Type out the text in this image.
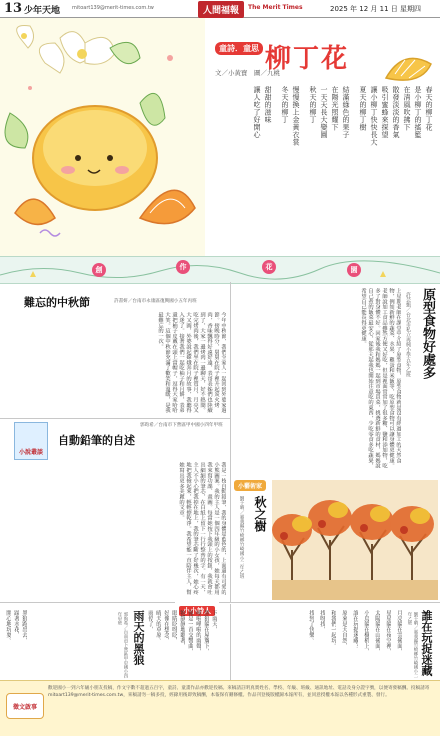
13 少年天地 mitoart139@merit-times.com.tw	人間福報	The Merit Times	2025 年 12 月 11 日 星期四
童詩．童思 柳丁花
文／小黃寶　圖／九桃
春天的柳丁花
是小柳丁的搖籃
在清風吹拂下
散發淡淡的香氣
吸引蜜蜂來探望
讓小柳丁快快長大
夏天的柳丁樹
結滿綠色的果子
在陽光照耀下
一天天長大變圓
秋天的柳丁
慢慢換上金黃衣裳
冬天的柳丁
甜甜的滋味
讓人吃了好開心
創	作	花	園
原型食物好處多
許芸甄／台北市私立再興小學五年乙班
上星期老師在課堂中介紹了原型食物，原型食物就是沒有經過加工的天然食物，例如新鮮的蔬菜、水果、雞蛋和米飯等，吃原型食物可以讓身體更健康。老師說加工食品雖然方便又好吃，但是裡面常常加了很多糖、鹽和添加物，吃多了對身體不好。回家後我和媽媽一起到市場買菜，挑選新鮮的食材，媽媽說自己煮的飯菜最安心，從那天起我也開始注意吃的東西，少吃零食多吃蔬果，希望自己能長得更健康。
難忘的中秋節	許書妍／台南市永康區復興國小五年丙班
今年中秋節，我們全家人一起回到外婆家過節。傍晚時分，舅舅在院子裡升起炭火烤肉，香味飄得好遠好遠，表哥表姊們也陸續到了，大家一邊烤肉一邊聊天，好不熱鬧。吃完烤肉後，我們坐在院子裡賞月，月亮又大又圓，外婆說起嫦娥奔月的故事，我聽得入迷了。接著我們一起吃柚子和月餅，表弟還把柚子皮戴在頭上當帽子，逗得大家哈哈大笑。這個中秋節充滿了歡笑和溫暖，是我最難忘的一次。
小說叢談
自動鉛筆的自述
郭昀希／台南市下營區甲中國小四年甲班
我是一枝自動鉛筆，我的身體是藍色的，上面還有可愛的小熊圖案。我的主人是一個四年級的小女孩，她每天都用我來寫功課、畫圖。每當她按下我頭上的按鈕，我就會吐出細細的筆芯，在白紙上留下一行行整齊的字。有一天，主人不小心把我掉在地上，我的筆芯斷了好幾次，她心疼地把我撿起來，輕輕擦乾淨。我希望能一直陪伴主人，幫她寫出更多美麗的文章。	小藝術家
秋之樹
劉于晴／嘉義縣竹崎鄉竹崎國小二年乙班
小小詩人
雨天的黑狼
郭昀希／台南市下營區甲中國小四年甲班	下雨天，
黑狼躲在屋簷下，
嘩啦嘩啦的雨聲，
像是一首交響曲，
牠靜靜地聽著，
眼睛眨呀眨，
好像在想念，
晴天的草原。
雨停了，
黑狼跑出去，
踩著水花，
開心地玩耍。	誰在玩捉迷藏
劉于晴／嘉義縣竹崎鄉竹崎國小二年乙班
月亮躲在雲後面，
星星躲在夜空裡，
太陽躲在山後面，
小鳥躲在樹梢上，
誰在玩捉迷藏？
原來是大自然，
和我們一起玩。
找呀找，
找到了快樂。
徵文啟事
歡迎國小一到六年級小朋友投稿，作文字數不超過五百字，童詩、童畫作品亦歡迎投稿。來稿請註明真實姓名、學校、年級、班級、通訊地址、電話及身分證字號，以便寄發稿酬。投稿請寄 mitoart139@merit-times.com.tw，來稿請勿一稿多投，經錄用後即致稿酬，本報保有刪修權。作品刊登後版權歸本報所有，並同意授權本報以各種形式重製、發行。
